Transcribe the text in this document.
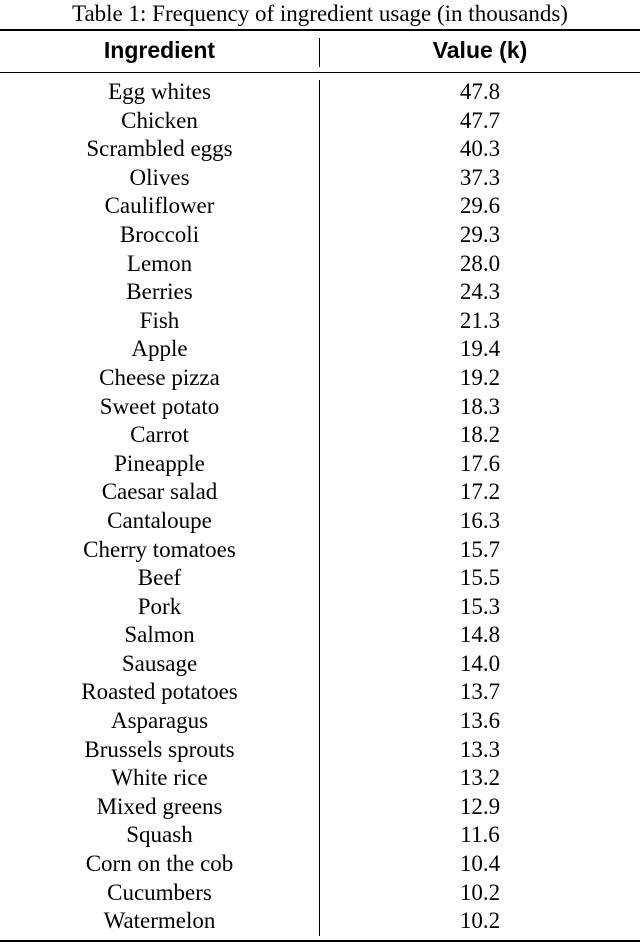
Table 1: Frequency of ingredient usage (in thousands)
Ingredient	Value (k)
Egg whites	47.8
Chicken	47.7
Scrambled eggs	40.3
Olives	37.3
Cauliflower	29.6
Broccoli	29.3
Lemon	28.0
Berries	24.3
Fish	21.3
Apple	19.4
Cheese pizza	19.2
Sweet potato	18.3
Carrot	18.2
Pineapple	17.6
Caesar salad	17.2
Cantaloupe	16.3
Cherry tomatoes	15.7
Beef	15.5
Pork	15.3
Salmon	14.8
Sausage	14.0
Roasted potatoes	13.7
Asparagus	13.6
Brussels sprouts	13.3
White rice	13.2
Mixed greens	12.9
Squash	11.6
Corn on the cob	10.4
Cucumbers	10.2
Watermelon	10.2
